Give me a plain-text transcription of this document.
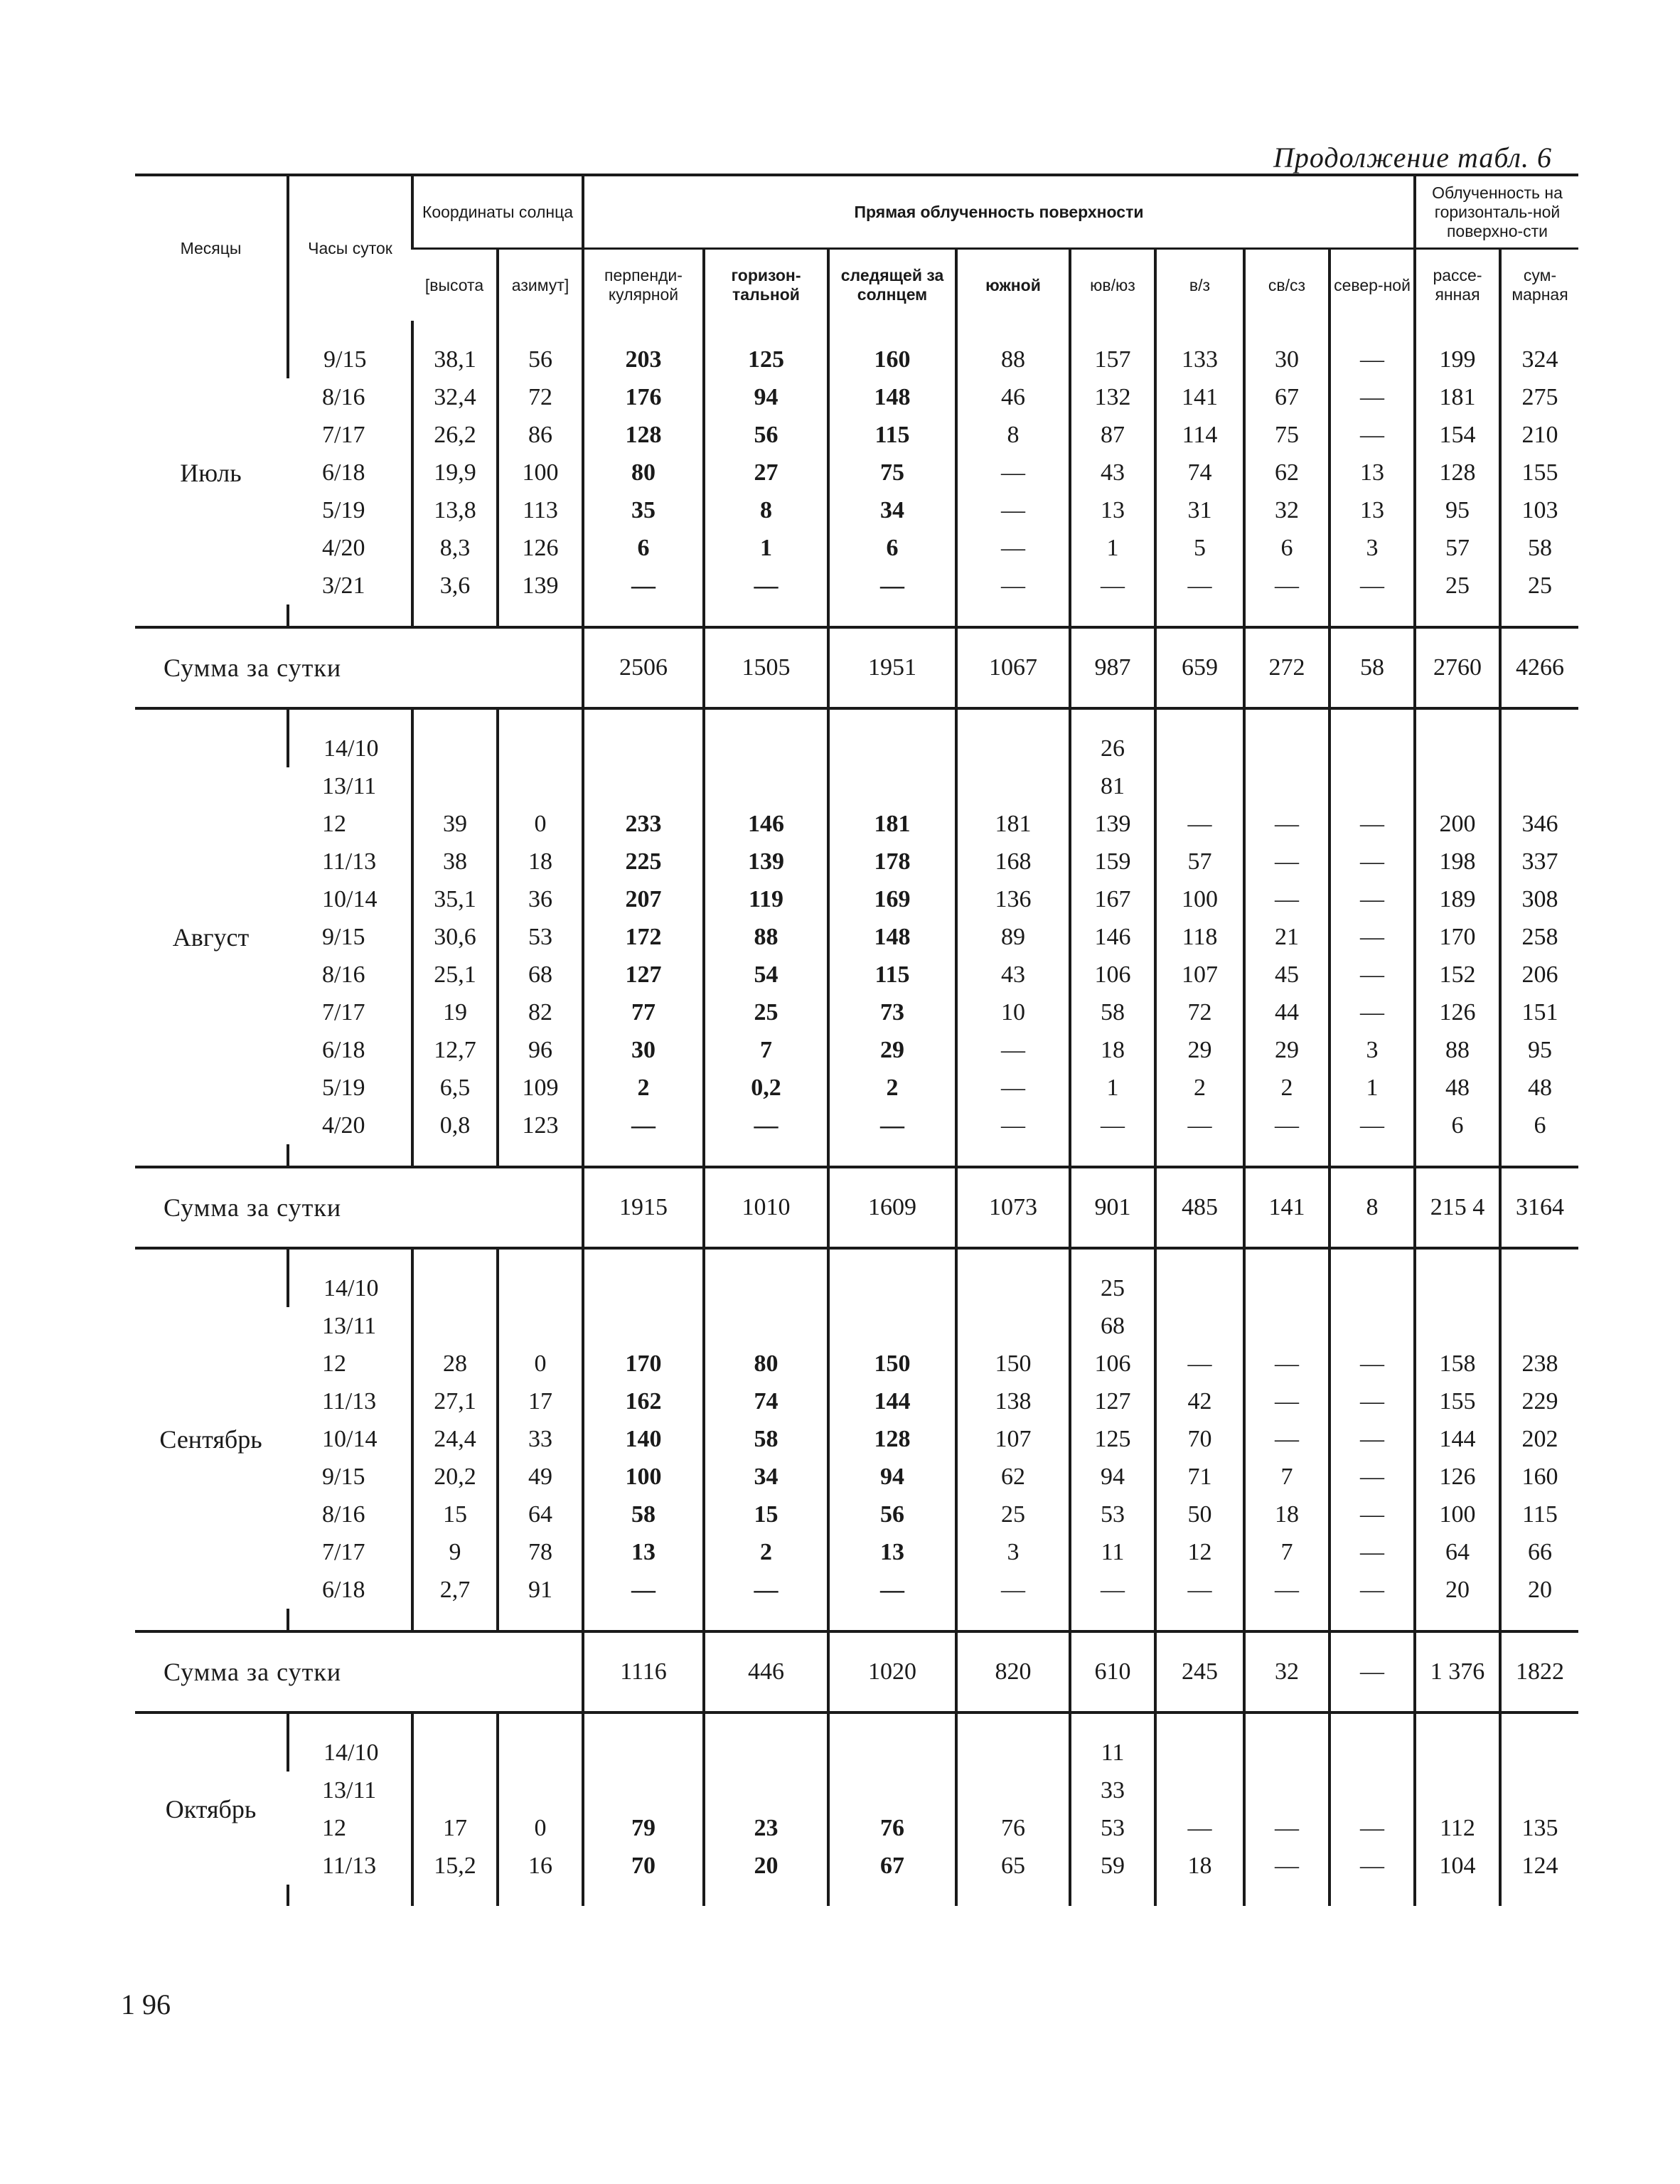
Продолжение табл. 6
Месяцы	Часы суток	Координаты солнца		Прямая облученность поверхности								Облученность на горизонталь-ной поверхно-сти	
		[высота	азимут]	перпенди-кулярной	горизон-тальной	следящей за солнцем	южной	юв/юз	в/з	св/сз	север-ной	рассе-янная	сум-марная

Июль	9/15	38,1	56	203	125	160	88	157	133	30	—	199	324
	8/16	32,4	72	176	94	148	46	132	141	67	—	181	275
	7/17	26,2	86	128	56	115	8	87	114	75	—	154	210
	6/18	19,9	100	80	27	75	—	43	74	62	13	128	155
	5/19	13,8	113	35	8	34	—	13	31	32	13	95	103
	4/20	8,3	126	6	1	6	—	1	5	6	3	57	58
	3/21	3,6	139	—	—	—	—	—	—	—	—	25	25

Сумма за сутки				2506	1505	1951	1067	987	659	272	58	2760	4266

Август	14/10							26					
	13/11							81					
	12	39	0	233	146	181	181	139	—	—	—	200	346
	11/13	38	18	225	139	178	168	159	57	—	—	198	337
	10/14	35,1	36	207	119	169	136	167	100	—	—	189	308
	9/15	30,6	53	172	88	148	89	146	118	21	—	170	258
	8/16	25,1	68	127	54	115	43	106	107	45	—	152	206
	7/17	19	82	77	25	73	10	58	72	44	—	126	151
	6/18	12,7	96	30	7	29	—	18	29	29	3	88	95
	5/19	6,5	109	2	0,2	2	—	1	2	2	1	48	48
	4/20	0,8	123	—	—	—	—	—	—	—	—	6	6

Сумма за сутки				1915	1010	1609	1073	901	485	141	8	215 4	3164

Сентябрь	14/10							25					
	13/11							68					
	12	28	0	170	80	150	150	106	—	—	—	158	238
	11/13	27,1	17	162	74	144	138	127	42	—	—	155	229
	10/14	24,4	33	140	58	128	107	125	70	—	—	144	202
	9/15	20,2	49	100	34	94	62	94	71	7	—	126	160
	8/16	15	64	58	15	56	25	53	50	18	—	100	115
	7/17	9	78	13	2	13	3	11	12	7	—	64	66
	6/18	2,7	91	—	—	—	—	—	—	—	—	20	20

Сумма за сутки				1116	446	1020	820	610	245	32	—	1 376	1822

Октябрь	14/10							11					
	13/11							33					
	12	17	0	79	23	76	76	53	—	—	—	112	135
	11/13	15,2	16	70	20	67	65	59	18	—	—	104	124

1 96
